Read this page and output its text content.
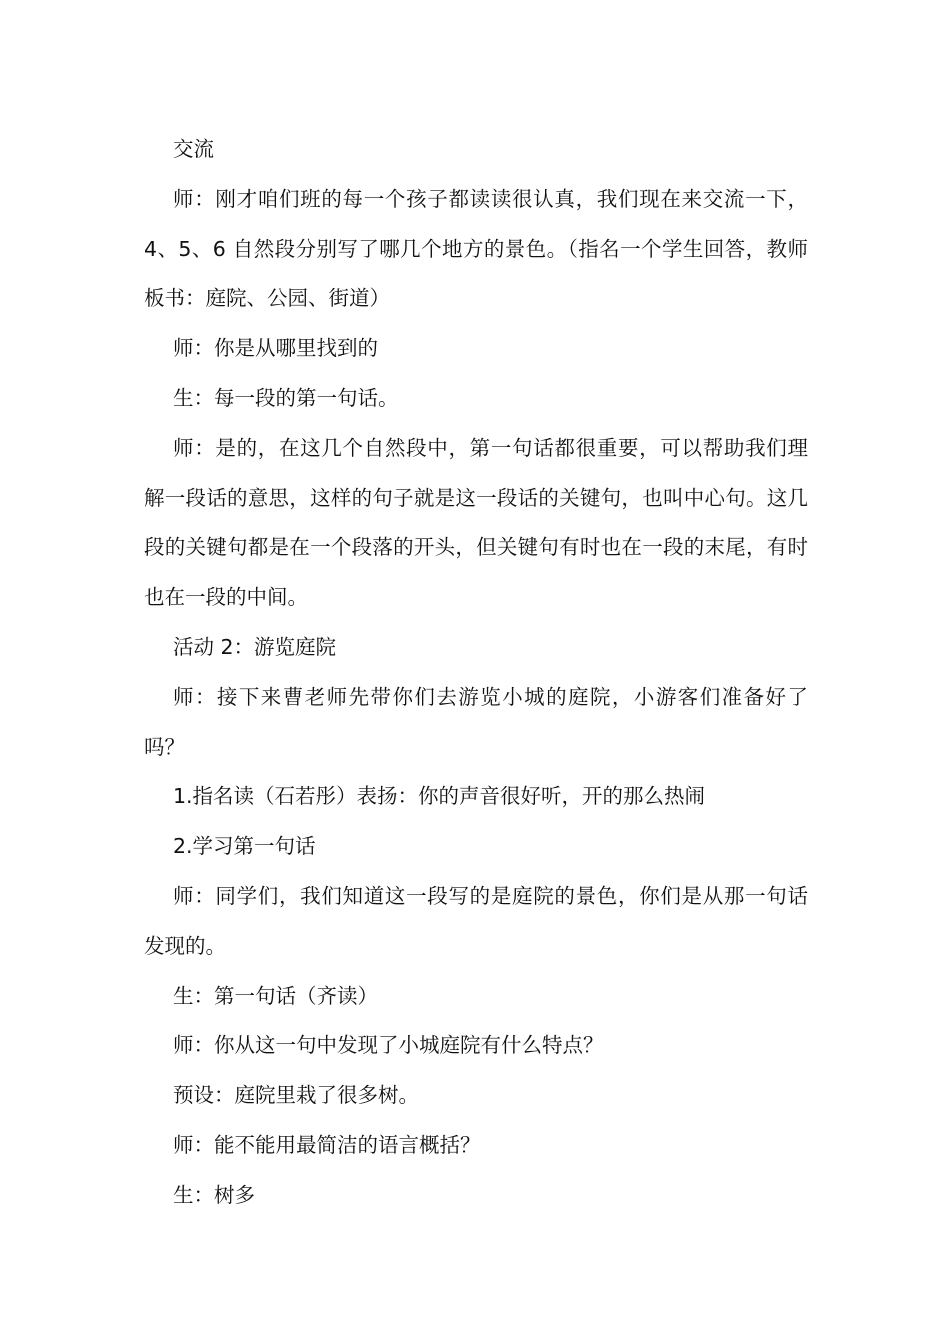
交流

师：刚才咱们班的每一个孩子都读读很认真，我们现在来交流一下，4、5、6 自然段分别写了哪几个地方的景色。（指名一个学生回答，教师板书：庭院、公园、街道）

师：你是从哪里找到的

生：每一段的第一句话。

师：是的，在这几个自然段中，第一句话都很重要，可以帮助我们理解一段话的意思，这样的句子就是这一段话的关键句，也叫中心句。这几段的关键句都是在一个段落的开头，但关键句有时也在一段的末尾，有时也在一段的中间。

活动 2：游览庭院

师：接下来曹老师先带你们去游览小城的庭院，小游客们准备好了吗？

1.指名读（石若彤）表扬：你的声音很好听，开的那么热闹

2.学习第一句话

师：同学们，我们知道这一段写的是庭院的景色，你们是从那一句话发现的。

生：第一句话（齐读）

师：你从这一句中发现了小城庭院有什么特点？

预设：庭院里栽了很多树。

师：能不能用最简洁的语言概括？

生：树多
